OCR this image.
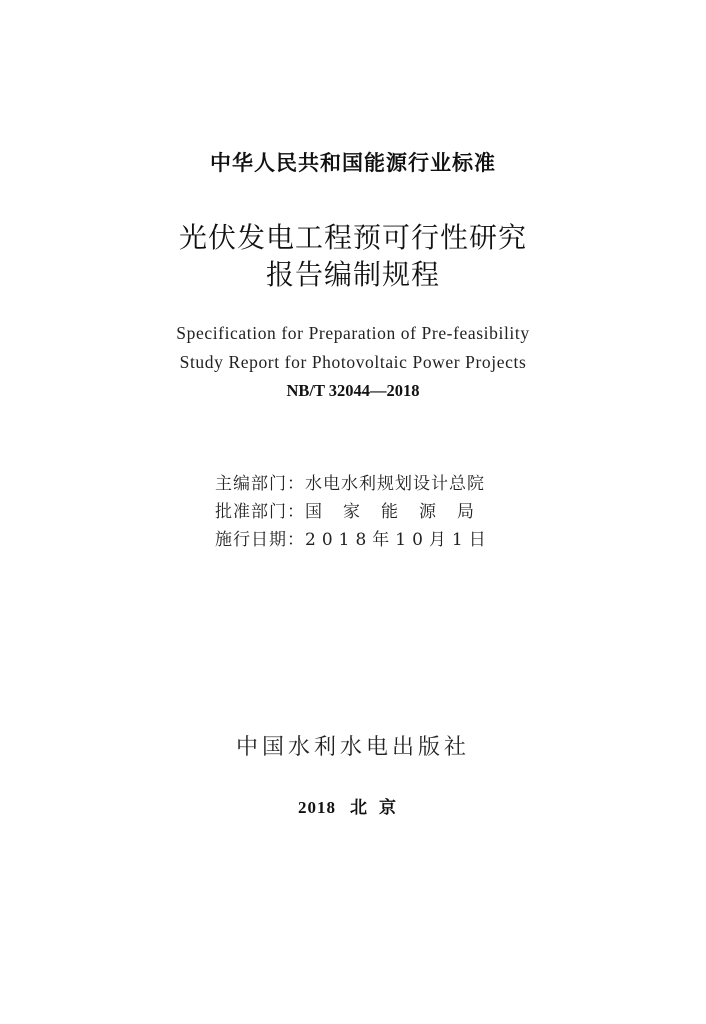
中华人民共和国能源行业标准
光伏发电工程预可行性研究
报告编制规程
Specification for Preparation of Pre-feasibility
Study Report for Photovoltaic Power Projects
NB/T 32044—2018
主编部门：水电水利规划设计总院
批准部门：国家能源局
施行日期：2018年10月1日
中国水利水电出版社
2018 北京
